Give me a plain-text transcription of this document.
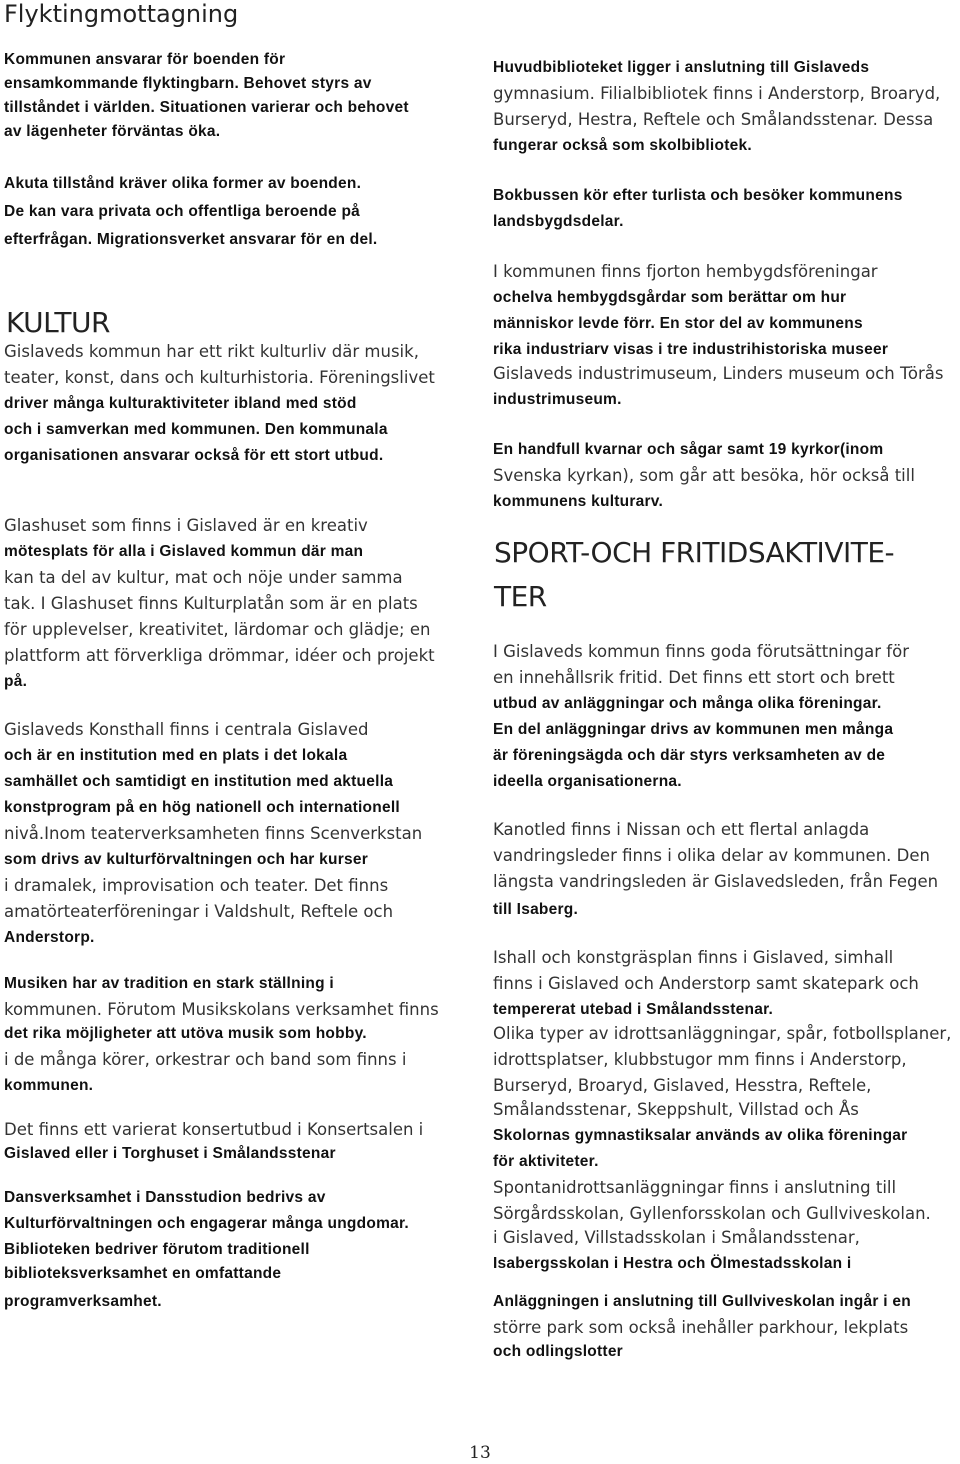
Flyktingmottagning
Kommunen ansvarar för boenden för
ensamkommande flyktingbarn. Behovet styrs av
tillståndet i världen. Situationen varierar och behovet
av lägenheter förväntas öka.
Akuta tillstånd kräver olika former av boenden.
De kan vara privata och offentliga beroende på
efterfrågan. Migrationsverket ansvarar för en del.
Gislaveds kommun har ett rikt kulturliv där musik,
teater, konst, dans och kulturhistoria. Föreningslivet
driver många kulturaktiviteter ibland med stöd
och i samverkan med kommunen. Den kommunala
organisationen ansvarar också för ett stort utbud.
Glashuset som finns i Gislaved är en kreativ
mötesplats för alla i Gislaved kommun där man
kan ta del av kultur, mat och nöje under samma
tak. I Glashuset finns Kulturplatån som är en plats
för upplevelser, kreativitet, lärdomar och glädje; en
plattform att förverkliga drömmar, idéer och projekt
på.
Gislaveds Konsthall finns i centrala Gislaved
och är en institution med en plats i det lokala
samhället och samtidigt en institution med aktuella
konstprogram på en hög nationell och internationell
nivå.Inom teaterverksamheten finns Scenverkstan
som drivs av kulturförvaltningen och har kurser
i dramalek, improvisation och teater. Det finns
amatörteaterföreningar i Valdshult, Reftele och
Anderstorp.
Musiken har av tradition en stark ställning i
kommunen. Förutom Musikskolans verksamhet finns
det rika möjligheter att utöva musik som hobby.
i de många körer, orkestrar och band som finns i
kommunen.
Det finns ett varierat konsertutbud i Konsertsalen i
Gislaved eller i Torghuset i Smålandsstenar
Dansverksamhet i Dansstudion bedrivs av
Kulturförvaltningen och engagerar många ungdomar.
Biblioteken bedriver förutom traditionell
biblioteksverksamhet en omfattande
programverksamhet.
KULTUR
Huvudbiblioteket ligger i anslutning till Gislaveds
gymnasium. Filialbibliotek finns i Anderstorp, Broaryd,
Burseryd, Hestra, Reftele och Smålandsstenar. Dessa
fungerar också som skolbibliotek.
Bokbussen kör efter turlista och besöker kommunens
landsbygdsdelar.
I kommunen finns fjorton hembygdsföreningar
ochelva hembygdsgårdar som berättar om hur
människor levde förr. En stor del av kommunens
rika industriarv visas i tre industrihistoriska museer
Gislaveds industrimuseum, Linders museum och Törås
industrimuseum.
En handfull kvarnar och sågar samt 19 kyrkor(inom
Svenska kyrkan), som går att besöka, hör också till
kommunens kulturarv.
I Gislaveds kommun finns goda förutsättningar för
en innehållsrik fritid. Det finns ett stort och brett
utbud av anläggningar och många olika föreningar.
En del anläggningar drivs av kommunen men många
är föreningsägda och där styrs verksamheten av de
ideella organisationerna.
Kanotled finns i Nissan och ett flertal anlagda
vandringsleder finns i olika delar av kommunen. Den
längsta vandringsleden är Gislavedsleden, från Fegen
till Isaberg.
Ishall och konstgräsplan finns i Gislaved, simhall
finns i Gislaved och Anderstorp samt skatepark och
tempererat utebad i Smålandsstenar.
Olika typer av idrottsanläggningar, spår, fotbollsplaner,
idrottsplatser, klubbstugor mm finns i Anderstorp,
Burseryd, Broaryd, Gislaved, Hesstra, Reftele,
Smålandsstenar, Skeppshult, Villstad och Ås
Skolornas gymnastiksalar används av olika föreningar
för aktiviteter.
Spontanidrottsanläggningar finns i anslutning till
Sörgårdsskolan, Gyllenforsskolan och Gullviveskolan.
i Gislaved, Villstadsskolan i Smålandsstenar,
Isabergsskolan i Hestra och Ölmestadsskolan i
Anläggningen i anslutning till Gullviveskolan ingår i en
större park som också inehåller parkhour, lekplats
och odlingslotter
SPORT-OCH FRITIDSAKTIVITE-
TER
13
